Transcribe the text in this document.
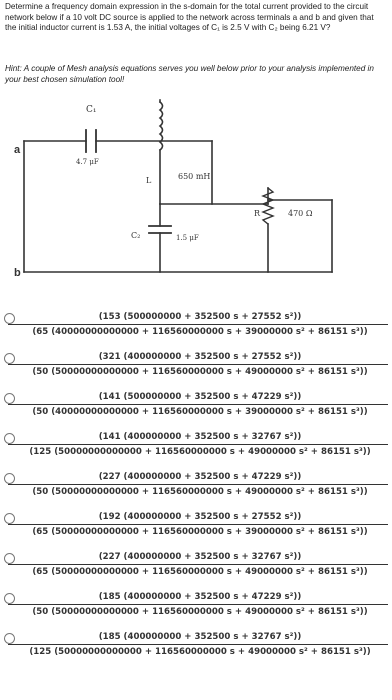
Determine a frequency domain expression in the s-domain for the total current provided to the circuit network below if a 10 volt DC source is applied to the network across terminals a and b and given that the initial inductor current is 1.53 A, the initial voltages of C₁ is 2.5 V with C₂ being 6.21 V?

Hint: A couple of Mesh analysis equations serves you well below prior to your analysis implemented in your best chosen simulation tool!

a
b
C₁
4.7 μF
L	650 mH
C₂	1.5 μF
R	470 Ω
(153 (500000000 + 352500 s + 27552 s²))
(65 (40000000000000 + 116560000000 s + 39000000 s² + 86151 s³))
(321 (400000000 + 352500 s + 27552 s²))
(50 (50000000000000 + 116560000000 s + 49000000 s² + 86151 s³))
(141 (500000000 + 352500 s + 47229 s²))
(50 (40000000000000 + 116560000000 s + 39000000 s² + 86151 s³))
(141 (400000000 + 352500 s + 32767 s²))
(125 (50000000000000 + 116560000000 s + 49000000 s² + 86151 s³))
(227 (400000000 + 352500 s + 47229 s²))
(50 (50000000000000 + 116560000000 s + 49000000 s² + 86151 s³))
(192 (400000000 + 352500 s + 27552 s²))
(65 (50000000000000 + 116560000000 s + 39000000 s² + 86151 s³))
(227 (400000000 + 352500 s + 32767 s²))
(65 (50000000000000 + 116560000000 s + 49000000 s² + 86151 s³))
(185 (400000000 + 352500 s + 47229 s²))
(50 (50000000000000 + 116560000000 s + 49000000 s² + 86151 s³))
(185 (400000000 + 352500 s + 32767 s²))
(125 (50000000000000 + 116560000000 s + 49000000 s² + 86151 s³))
